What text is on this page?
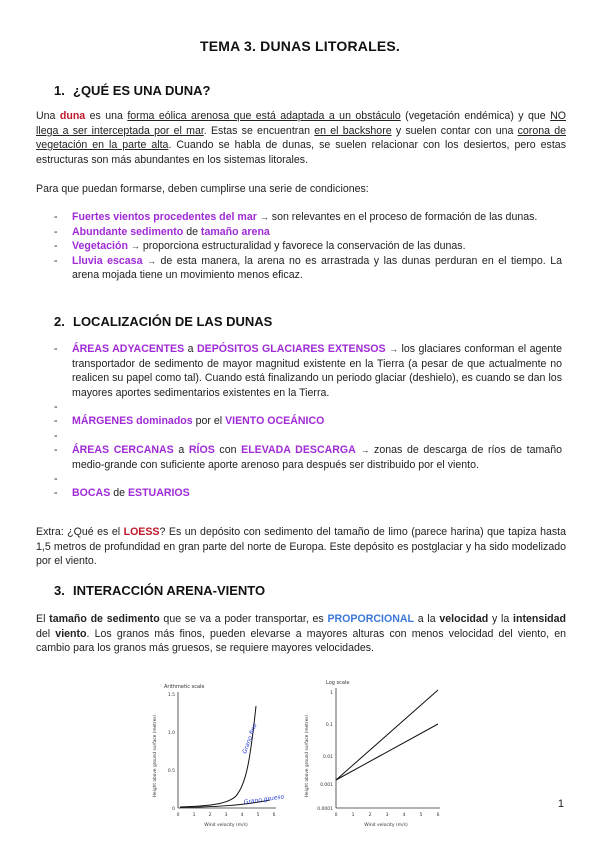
TEMA 3. DUNAS LITORALES.
1. ¿QUÉ ES UNA DUNA?
Una duna es una forma eólica arenosa que está adaptada a un obstáculo (vegetación endémica) y que NO llega a ser interceptada por el mar. Estas se encuentran en el backshore y suelen contar con una corona de vegetación en la parte alta. Cuando se habla de dunas, se suelen relacionar con los desiertos, pero estas estructuras son más abundantes en los sistemas litorales.
Para que puedan formarse, deben cumplirse una serie de condiciones:
- Fuertes vientos procedentes del mar → son relevantes en el proceso de formación de las dunas.
- Abundante sedimento de tamaño arena
- Vegetación → proporciona estructuralidad y favorece la conservación de las dunas.
- Lluvia escasa → de esta manera, la arena no es arrastrada y las dunas perduran en el tiempo. La arena mojada tiene un movimiento menos eficaz.
2. LOCALIZACIÓN DE LAS DUNAS
- ÁREAS ADYACENTES a DEPÓSITOS GLACIARES EXTENSOS → los glaciares conforman el agente transportador de sedimento de mayor magnitud existente en la Tierra (a pesar de que actualmente no realicen su papel como tal). Cuando está finalizando un periodo glaciar (deshielo), es cuando se dan los mayores aportes sedimentarios existentes en la Tierra.
-
- MÁRGENES dominados por el VIENTO OCEÁNICO
-
- ÁREAS CERCANAS a RÍOS con ELEVADA DESCARGA → zonas de descarga de ríos de tamaño medio-grande con suficiente aporte arenoso para después ser distribuido por el viento.
-
- BOCAS de ESTUARIOS
Extra: ¿Qué es el LOESS? Es un depósito con sedimento del tamaño de limo (parece harina) que tapiza hasta 1,5 metros de profundidad en gran parte del norte de Europa. Este depósito es postglaciar y ha sido modelizado por el viento.
3. INTERACCIÓN ARENA-VIENTO
El tamaño de sedimento que se va a poder transportar, es PROPORCIONAL a la velocidad y la intensidad del viento. Los granos más finos, pueden elevarse a mayores alturas con menos velocidad del viento, en cambio para los granos más gruesos, se requiere mayores velocidades.
Arithmetic scale
Height above ground surface (metres)
0
0.5
1.0
1.5
0	1	2	3	4	5	6
Wind velocity (m/s)
Grano fino
Grano grueso
Log scale
Height above ground surface (metres)
1
0.1
0.01
0.001
0.0001
0	1	2	3	4	5	6
Wind velocity (m/s)
1
